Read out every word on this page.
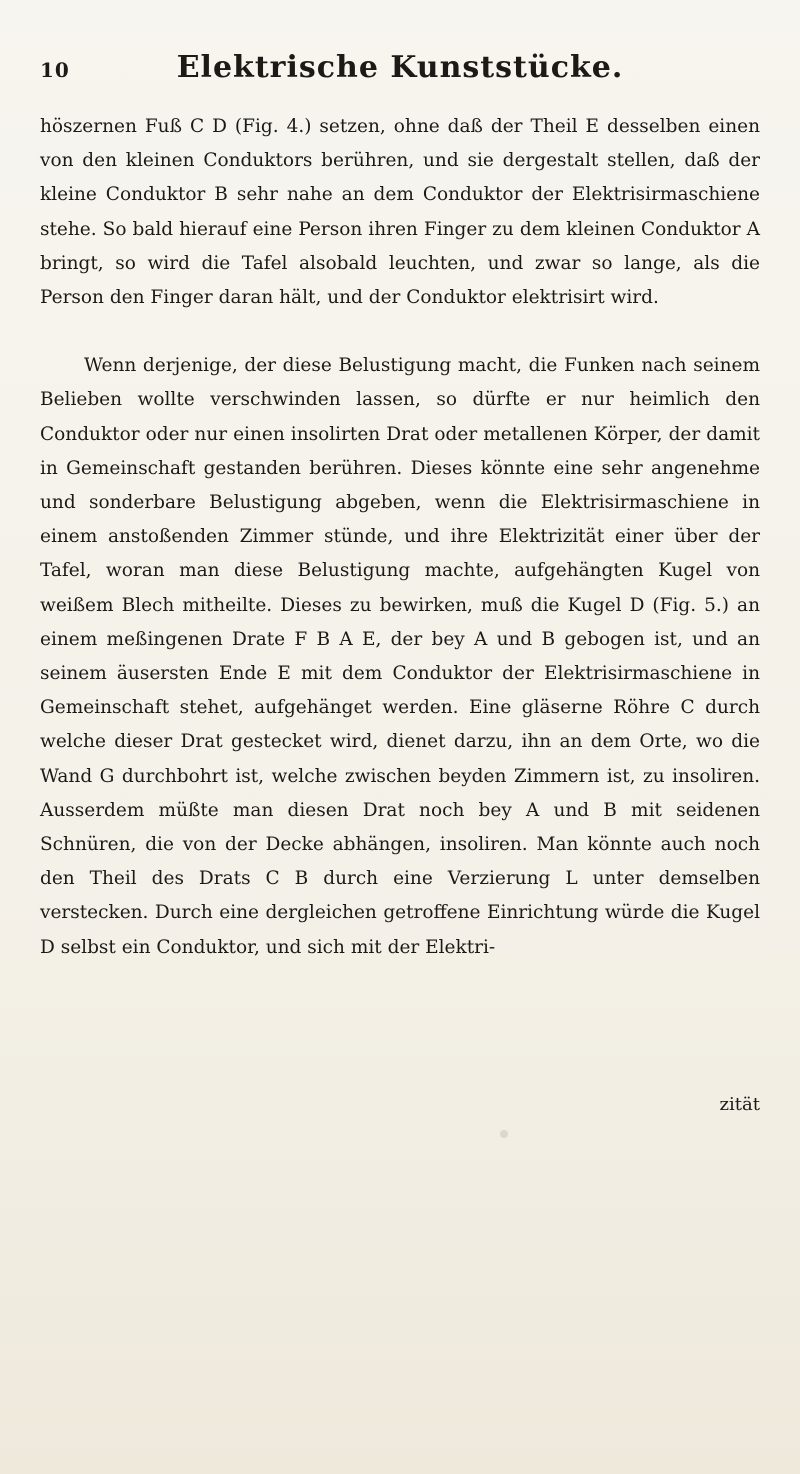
10	Elektrische Kunststücke.

höszernen Fuß C D (Fig. 4.) setzen, ohne daß der Theil E desselben einen von den kleinen Conduktors berühren, und sie dergestalt stellen, daß der kleine Conduktor B sehr nahe an dem Conduktor der Elektrisirmaschiene stehe. So bald hierauf eine Person ihren Finger zu dem kleinen Conduktor A bringt, so wird die Tafel alsobald leuchten, und zwar so lange, als die Person den Finger daran hält, und der Conduktor elektrisirt wird.

Wenn derjenige, der diese Belustigung macht, die Funken nach seinem Belieben wollte verschwinden lassen, so dürfte er nur heimlich den Conduktor oder nur einen insolirten Drat oder metallenen Körper, der damit in Gemeinschaft gestanden berühren. Dieses könnte eine sehr angenehme und sonderbare Belustigung abgeben, wenn die Elektrisirmaschiene in einem anstoßenden Zimmer stünde, und ihre Elektrizität einer über der Tafel, woran man diese Belustigung machte, aufgehängten Kugel von weißem Blech mitheilte. Dieses zu bewirken, muß die Kugel D (Fig. 5.) an einem meßingenen Drate F B A E, der bey A und B gebogen ist, und an seinem äusersten Ende E mit dem Conduktor der Elektrisirmaschiene in Gemeinschaft stehet, aufgehänget werden. Eine gläserne Röhre C durch welche dieser Drat gestecket wird, dienet darzu, ihn an dem Orte, wo die Wand G durchbohrt ist, welche zwischen beyden Zimmern ist, zu insoliren. Ausserdem müßte man diesen Drat noch bey A und B mit seidenen Schnüren, die von der Decke abhängen, insoliren. Man könnte auch noch den Theil des Drats C B durch eine Verzierung L unter demselben verstecken. Durch eine dergleichen getroffene Einrichtung würde die Kugel D selbst ein Conduktor, und sich mit der Elektri-

zität
